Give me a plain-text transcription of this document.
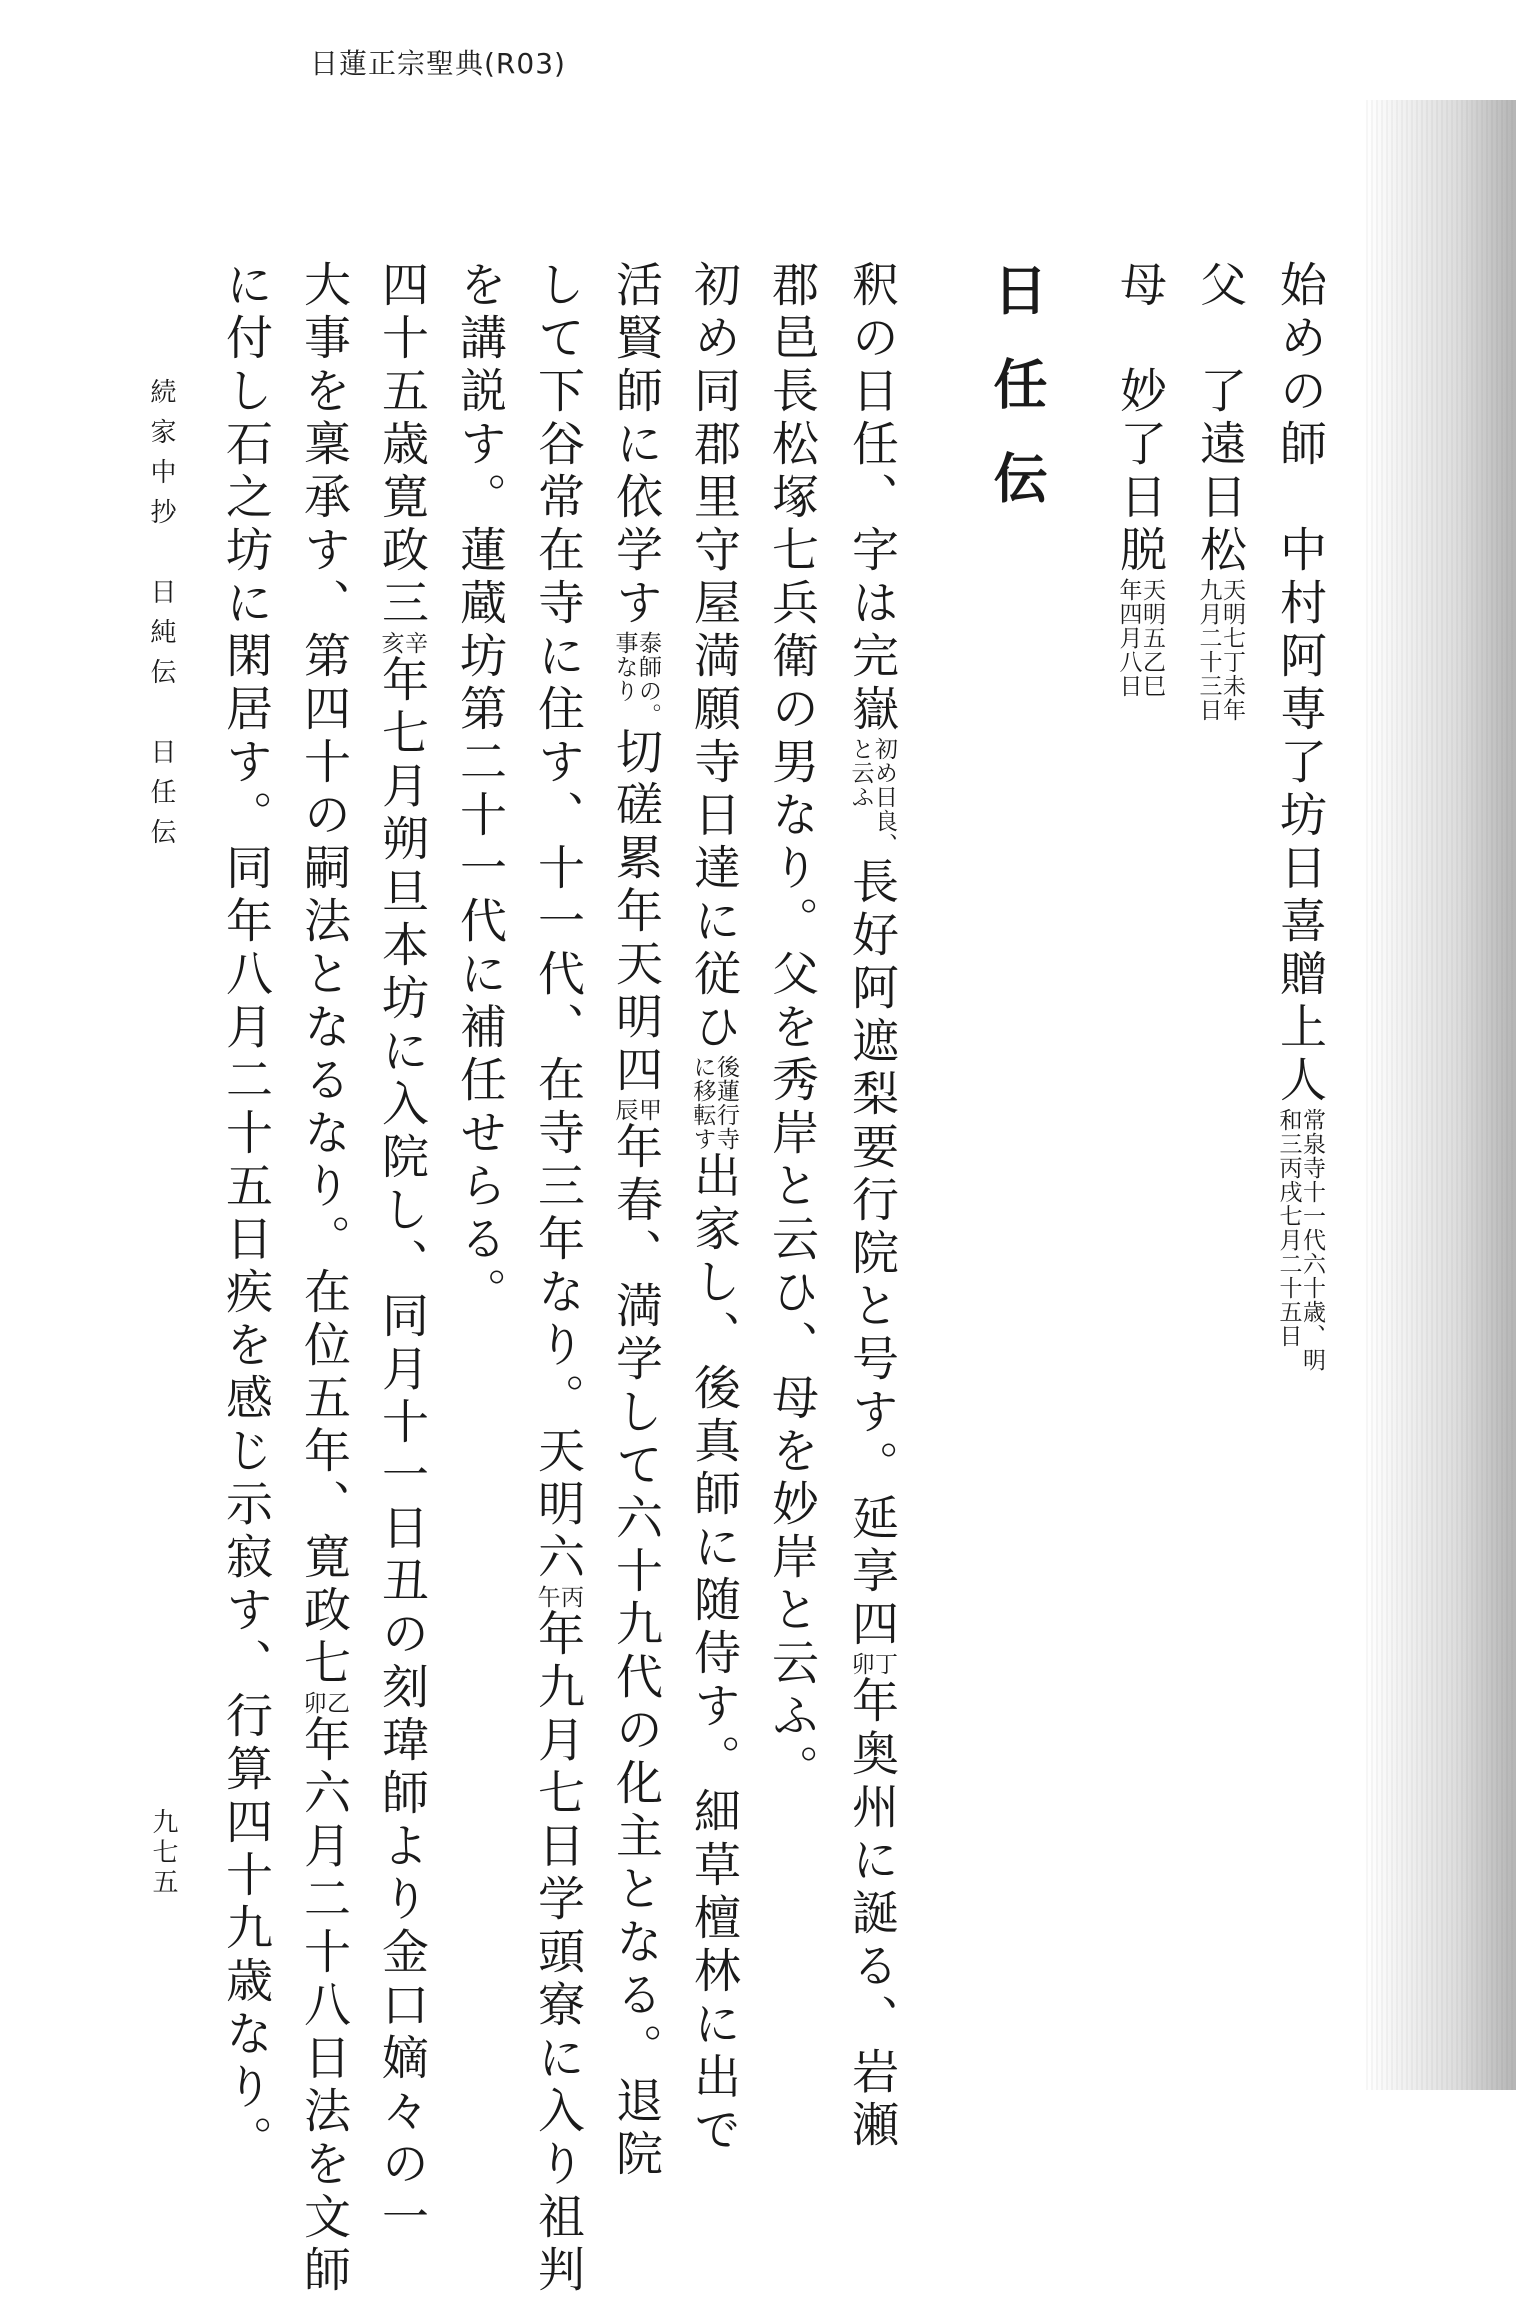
日蓮正宗聖典(R03)
始めの師　中村阿専了坊日喜贈上人常泉寺十一代六十歳、明
和三丙戌七月二十五日
父　了遠日松天明七丁未年
九月二十三日
母　妙了日脱天明五乙巳
年四月八日
日任伝
釈の日任、字は完嶽初め日良、
と云ふ長好阿遮梨要行院と号す。延享四丁
卯年奥州に誕る、岩瀬
郡邑長松塚七兵衛の男なり。父を秀岸と云ひ、母を妙岸と云ふ。
初め同郡里守屋満願寺日達に従ひ後蓮行寺
に移転す出家し、後真師に随侍す。細草檀林に出で
活賢師に依学す泰師の。
事なり切磋累年天明四甲
辰年春、満学して六十九代の化主となる。退院
して下谷常在寺に住す、十一代、在寺三年なり。天明六丙
午年九月七日学頭寮に入り祖判
を講説す。蓮蔵坊第二十一代に補任せらる。
四十五歳寛政三辛
亥年七月朔旦本坊に入院し、同月十一日丑の刻瑋師より金口嫡々の一
大事を稟承す、第四十の嗣法となるなり。在位五年、寛政七乙
卯年六月二十八日法を文師
に付し石之坊に閑居す。同年八月二十五日疾を感じ示寂す、行算四十九歳なり。
続家中抄　日純伝　日任伝
九七五
